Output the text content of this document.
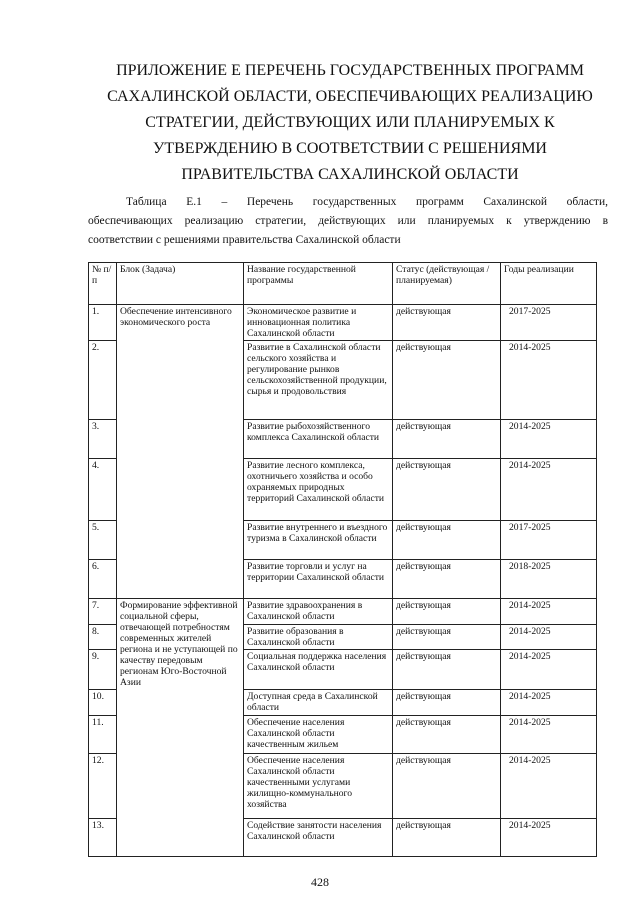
ПРИЛОЖЕНИЕ Е ПЕРЕЧЕНЬ ГОСУДАРСТВЕННЫХ ПРОГРАММ
САХАЛИНСКОЙ ОБЛАСТИ, ОБЕСПЕЧИВАЮЩИХ РЕАЛИЗАЦИЮ
СТРАТЕГИИ, ДЕЙСТВУЮЩИХ ИЛИ ПЛАНИРУЕМЫХ К
УТВЕРЖДЕНИЮ В СООТВЕТСТВИИ С РЕШЕНИЯМИ
ПРАВИТЕЛЬСТВА САХАЛИНСКОЙ ОБЛАСТИ
Таблица Е.1 – Перечень государственных программ Сахалинской области,
обеспечивающих реализацию стратегии, действующих или планируемых к утверждению в
соответствии с решениями правительства Сахалинской области
№ п/п	Блок (Задача)	Название государственной программы	Статус (действующая / планируемая)	Годы реализации
1.	Обеспечение интенсивного экономического роста	Экономическое развитие и инновационная политика Сахалинской области	действующая	2017-2025
2.		Развитие в Сахалинской области сельского хозяйства и регулирование рынков сельскохозяйственной продукции, сырья и продовольствия	действующая	2014-2025
3.		Развитие рыбохозяйственного комплекса Сахалинской области	действующая	2014-2025
4.		Развитие лесного комплекса, охотничьего хозяйства и особо охраняемых природных территорий Сахалинской области	действующая	2014-2025
5.		Развитие внутреннего и въездного туризма в Сахалинской области	действующая	2017-2025
6.		Развитие торговли и услуг на территории Сахалинской области	действующая	2018-2025
7.	Формирование эффективной социальной сферы, отвечающей потребностям современных жителей региона и не уступающей по качеству передовым регионам Юго-Восточной Азии	Развитие здравоохранения в Сахалинской области	действующая	2014-2025
8.		Развитие образования в Сахалинской области	действующая	2014-2025
9.		Социальная поддержка населения Сахалинской области	действующая	2014-2025
10.		Доступная среда в Сахалинской области	действующая	2014-2025
11.		Обеспечение населения Сахалинской области качественным жильем	действующая	2014-2025
12.		Обеспечение населения Сахалинской области качественными услугами жилищно-коммунального хозяйства	действующая	2014-2025
13.		Содействие занятости населения Сахалинской области	действующая	2014-2025
428
